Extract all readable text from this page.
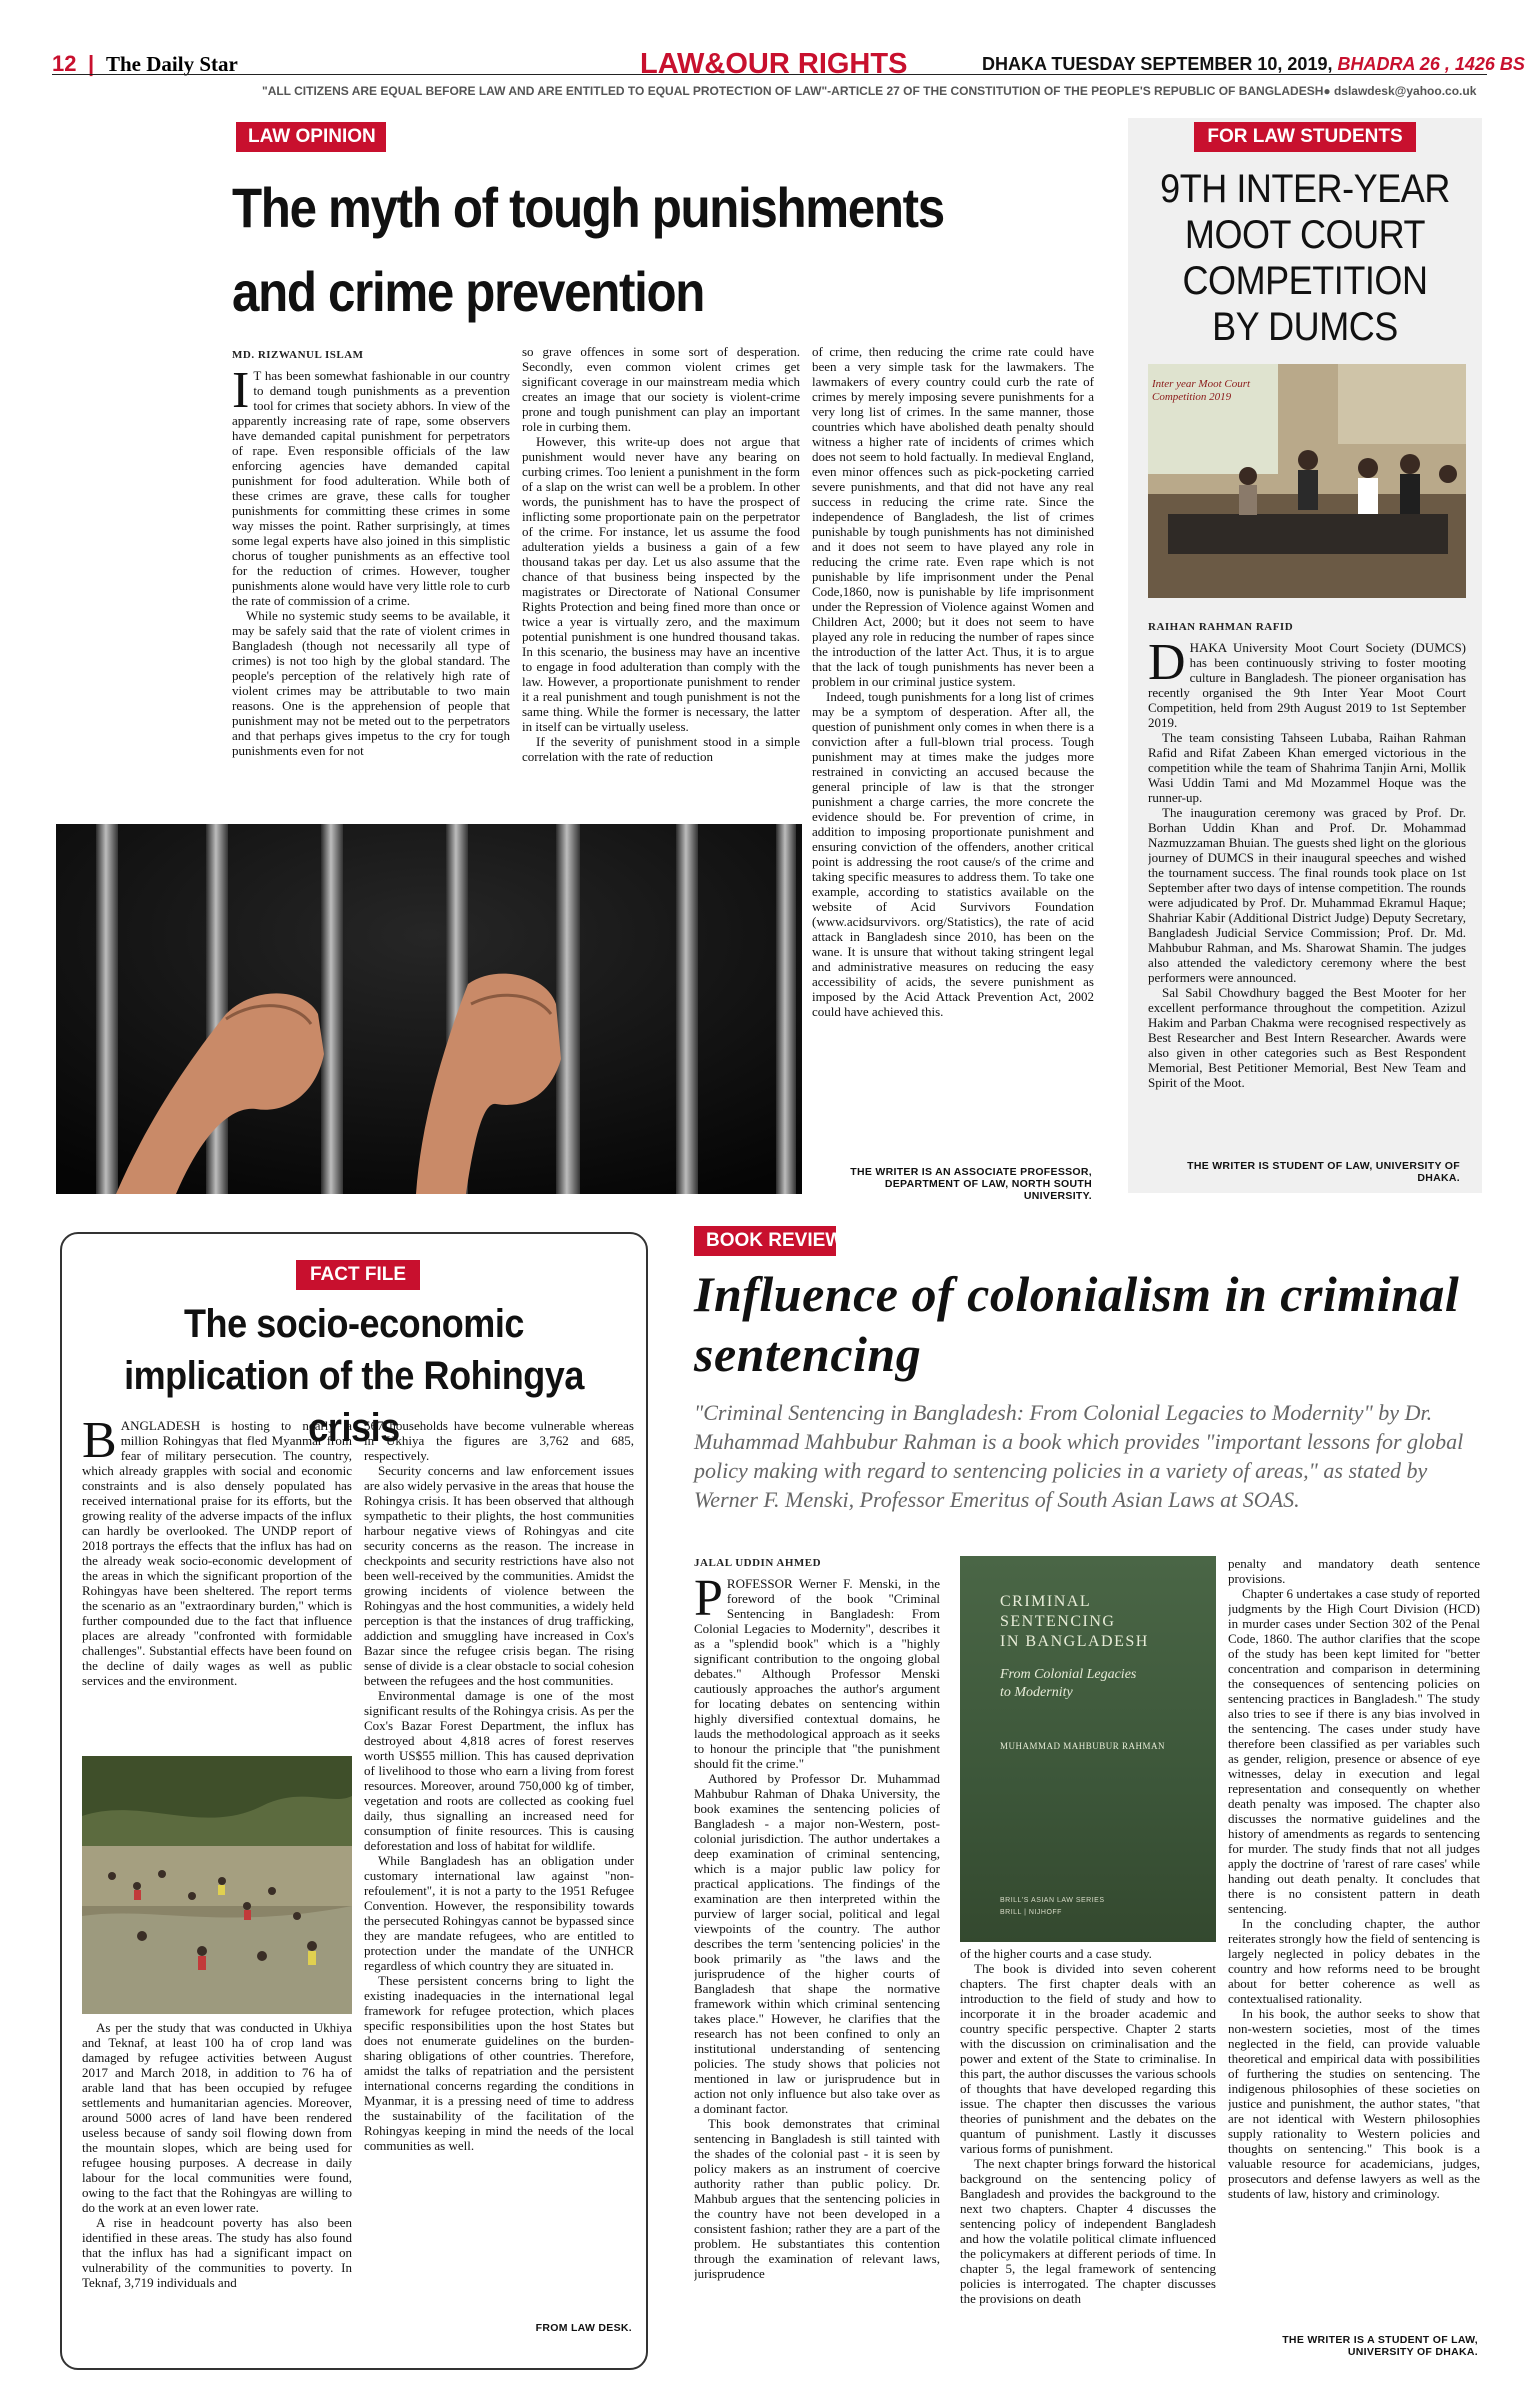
12 | The Daily Star	LAW&OUR RIGHTS	DHAKA TUESDAY SEPTEMBER 10, 2019, BHADRA 26 , 1426 BS
"ALL CITIZENS ARE EQUAL BEFORE LAW AND ARE ENTITLED TO EQUAL PROTECTION OF LAW"-ARTICLE 27 OF THE CONSTITUTION OF THE PEOPLE'S REPUBLIC OF BANGLADESH● dslawdesk@yahoo.co.uk
LAW OPINION
The myth of tough punishments and crime prevention
MD. RIZWANUL ISLAM

I T has been somewhat fashionable in our country to demand tough punishments as a prevention tool for crimes that society abhors. In view of the apparently increasing rate of rape, some observers have demanded capital punishment for perpetrators of rape. Even responsible officials of the law enforcing agencies have demanded capital punishment for food adulteration. While both of these crimes are grave, these calls for tougher punishments for committing these crimes in some way misses the point. Rather surprisingly, at times some legal experts have also joined in this simplistic chorus of tougher punishments as an effective tool for the reduction of crimes. However, tougher punishments alone would have very little role to curb the rate of commission of a crime.

While no systemic study seems to be available, it may be safely said that the rate of violent crimes in Bangladesh (though not necessarily all type of crimes) is not too high by the global standard. The people's perception of the relatively high rate of violent crimes may be attributable to two main reasons. One is the apprehension of people that punishment may not be meted out to the perpetrators and that perhaps gives impetus to the cry for tough punishments even for not

so grave offences in some sort of desperation. Secondly, even common violent crimes get significant coverage in our mainstream media which creates an image that our society is violent-crime prone and tough punishment can play an important role in curbing them.

However, this write-up does not argue that punishment would never have any bearing on curbing crimes. Too lenient a punishment in the form of a slap on the wrist can well be a problem. In other words, the punishment has to have the prospect of inflicting some proportionate pain on the perpetrator of the crime. For instance, let us assume the food adulteration yields a business a gain of a few thousand takas per day. Let us also assume that the chance of that business being inspected by the magistrates or Directorate of National Consumer Rights Protection and being fined more than once or twice a year is virtually zero, and the maximum potential punishment is one hundred thousand takas. In this scenario, the business may have an incentive to engage in food adulteration than comply with the law. However, a proportionate punishment to render it a real punishment and tough punishment is not the same thing. While the former is necessary, the latter in itself can be virtually useless.

If the severity of punishment stood in a simple correlation with the rate of reduction

of crime, then reducing the crime rate could have been a very simple task for the lawmakers. The lawmakers of every country could curb the rate of crimes by merely imposing severe punishments for a very long list of crimes. In the same manner, those countries which have abolished death penalty should witness a higher rate of incidents of crimes which does not seem to hold factually. In medieval England, even minor offences such as pick-pocketing carried severe punishments, and that did not have any real success in reducing the crime rate. Since the independence of Bangladesh, the list of crimes punishable by tough punishments has not diminished and it does not seem to have played any role in reducing the crime rate. Even rape which is not punishable by life imprisonment under the Penal Code,1860, now is punishable by life imprisonment under the Repression of Violence against Women and Children Act, 2000; but it does not seem to have played any role in reducing the number of rapes since the introduction of the latter Act. Thus, it is to argue that the lack of tough punishments has never been a problem in our criminal justice system.

Indeed, tough punishments for a long list of crimes may be a symptom of desperation. After all, the question of punishment only comes in when there is a conviction after a full-blown trial process. Tough punishment may at times make the judges more restrained in convicting an accused because the general principle of law is that the stronger punishment a charge carries, the more concrete the evidence should be. For prevention of crime, in addition to imposing proportionate punishment and ensuring conviction of the offenders, another critical point is addressing the root cause/s of the crime and taking specific measures to address them. To take one example, according to statistics available on the website of Acid Survivors Foundation (www.acidsurvivors. org/Statistics), the rate of acid attack in Bangladesh since 2010, has been on the wane. It is unsure that without taking stringent legal and administrative measures on reducing the easy accessibility of acids, the severe punishment as imposed by the Acid Attack Prevention Act, 2002 could have achieved this.

THE WRITER IS AN ASSOCIATE PROFESSOR, DEPARTMENT OF LAW, NORTH SOUTH UNIVERSITY.
FOR LAW STUDENTS
9TH INTER-YEAR MOOT COURT COMPETITION BY DUMCS
Inter year Moot Court Competition 2019
RAIHAN RAHMAN RAFID

DHAKA University Moot Court Society (DUMCS) has been continuously striving to foster mooting culture in Bangladesh. The pioneer organisation has recently organised the 9th Inter Year Moot Court Competition, held from 29th August 2019 to 1st September 2019.

The team consisting Tahseen Lubaba, Raihan Rahman Rafid and Rifat Zabeen Khan emerged victorious in the competition while the team of Shahrima Tanjin Arni, Mollik Wasi Uddin Tami and Md Mozammel Hoque was the runner-up.

The inauguration ceremony was graced by Prof. Dr. Borhan Uddin Khan and Prof. Dr. Mohammad Nazmuzzaman Bhuian. The guests shed light on the glorious journey of DUMCS in their inaugural speeches and wished the tournament success. The final rounds took place on 1st September after two days of intense competition. The rounds were adjudicated by Prof. Dr. Muhammad Ekramul Haque; Shahriar Kabir (Additional District Judge) Deputy Secretary, Bangladesh Judicial Service Commission; Prof. Dr. Md. Mahbubur Rahman, and Ms. Sharowat Shamin. The judges also attended the valedictory ceremony where the best performers were announced.

Sal Sabil Chowdhury bagged the Best Mooter for her excellent performance throughout the competition. Azizul Hakim and Parban Chakma were recognised respectively as Best Researcher and Best Intern Researcher. Awards were also given in other categories such as Best Respondent Memorial, Best Petitioner Memorial, Best New Team and Spirit of the Moot.

THE WRITER IS STUDENT OF LAW, UNIVERSITY OF DHAKA.
FACT FILE
The socio-economic implication of the Rohingya crisis

BANGLADESH is hosting to nearly a million Rohingyas that fled Myanmar from fear of military persecution. The country, which already grapples with social and economic constraints and is also densely populated has received international praise for its efforts, but the growing reality of the adverse impacts of the influx can hardly be overlooked. The UNDP report of 2018 portrays the effects that the influx has had on the already weak socio-economic development of the areas in which the significant proportion of the Rohingyas have been sheltered. The report terms the scenario as an "extraordinary burden," which is further compounded due to the fact that influence places are already "confronted with formidable challenges". Substantial effects have been found on the decline of daily wages as well as public services and the environment.

As per the study that was conducted in Ukhiya and Teknaf, at least 100 ha of crop land was damaged by refugee activities between August 2017 and March 2018, in addition to 76 ha of arable land that has been occupied by refugee settlements and humanitarian agencies. Moreover, around 5000 acres of land have been rendered useless because of sandy soil flowing down from the mountain slopes, which are being used for refugee housing purposes. A decrease in daily labour for the local communities were found, owing to the fact that the Rohingyas are willing to do the work at an even lower rate.

A rise in headcount poverty has also been identified in these areas. The study has also found that the influx has had a significant impact on vulnerability of the communities to poverty. In Teknaf, 3,719 individuals and

567 households have become vulnerable whereas in Ukhiya the figures are 3,762 and 685, respectively.

Security concerns and law enforcement issues are also widely pervasive in the areas that house the Rohingya crisis. It has been observed that although sympathetic to their plights, the host communities harbour negative views of Rohingyas and cite security concerns as the reason. The increase in checkpoints and security restrictions have also not been well-received by the communities. Amidst the growing incidents of violence between the Rohingyas and the host communities, a widely held perception is that the instances of drug trafficking, addiction and smuggling have increased in Cox's Bazar since the refugee crisis began. The rising sense of divide is a clear obstacle to social cohesion between the refugees and the host communities.

Environmental damage is one of the most significant results of the Rohingya crisis. As per the Cox's Bazar Forest Department, the influx has destroyed about 4,818 acres of forest reserves worth US$55 million. This has caused deprivation of livelihood to those who earn a living from forest resources. Moreover, around 750,000 kg of timber, vegetation and roots are collected as cooking fuel daily, thus signalling an increased need for consumption of finite resources. This is causing deforestation and loss of habitat for wildlife.

While Bangladesh has an obligation under customary international law against "non-refoulement", it is not a party to the 1951 Refugee Convention. However, the responsibility towards the persecuted Rohingyas cannot be bypassed since they are mandate refugees, who are entitled to protection under the mandate of the UNHCR regardless of which country they are situated in.

These persistent concerns bring to light the existing inadequacies in the international legal framework for refugee protection, which places specific responsibilities upon the host States but does not enumerate guidelines on the burden-sharing obligations of other countries. Therefore, amidst the talks of repatriation and the persistent international concerns regarding the conditions in Myanmar, it is a pressing need of time to address the sustainability of the facilitation of the Rohingyas keeping in mind the needs of the local communities as well.

FROM LAW DESK.
BOOK REVIEW
Influence of colonialism in criminal sentencing
"Criminal Sentencing in Bangladesh: From Colonial Legacies to Modernity" by Dr. Muhammad Mahbubur Rahman is a book which provides "important lessons for global policy making with regard to sentencing policies in a variety of areas," as stated by Werner F. Menski, Professor Emeritus of South Asian Laws at SOAS.
JALAL UDDIN AHMED

PROFESSOR Werner F. Menski, in the foreword of the book "Criminal Sentencing in Bangladesh: From Colonial Legacies to Modernity", describes it as a "splendid book" which is a "highly significant contribution to the ongoing global debates." Although Professor Menski cautiously approaches the author's argument for locating debates on sentencing within highly diversified contextual domains, he lauds the methodological approach as it seeks to honour the principle that "the punishment should fit the crime."

Authored by Professor Dr. Muhammad Mahbubur Rahman of Dhaka University, the book examines the sentencing policies of Bangladesh - a major non-Western, post-colonial jurisdiction. The author undertakes a deep examination of criminal sentencing, which is a major public law policy for practical applications. The findings of the examination are then interpreted within the purview of larger social, political and legal viewpoints of the country. The author describes the term 'sentencing policies' in the book primarily as "the laws and the jurisprudence of the higher courts of Bangladesh that shape the normative framework within which criminal sentencing takes place." However, he clarifies that the research has not been confined to only an institutional understanding of sentencing policies. The study shows that policies not mentioned in law or jurisprudence but in action not only influence but also take over as a dominant factor.

This book demonstrates that criminal sentencing in Bangladesh is still tainted with the shades of the colonial past - it is seen by policy makers as an instrument of coercive authority rather than public policy. Dr. Mahbub argues that the sentencing policies in the country have not been developed in a consistent fashion; rather they are a part of the problem. He substantiates this contention through the examination of relevant laws, jurisprudence

CRIMINAL
SENTENCING
IN BANGLADESH
From Colonial Legacies
to Modernity
MUHAMMAD MAHBUBUR RAHMAN
BRILL'S ASIAN LAW SERIES
BRILL | NIJHOFF

of the higher courts and a case study.

The book is divided into seven coherent chapters. The first chapter deals with an introduction to the field of study and how to incorporate it in the broader academic and country specific perspective. Chapter 2 starts with the discussion on criminalisation and the power and extent of the State to criminalise. In this part, the author discusses the various schools of thoughts that have developed regarding this issue. The chapter then discusses the various theories of punishment and the debates on the quantum of punishment. Lastly it discusses various forms of punishment.

The next chapter brings forward the historical background on the sentencing policy of Bangladesh and provides the background to the next two chapters. Chapter 4 discusses the sentencing policy of independent Bangladesh and how the volatile political climate influenced the policymakers at different periods of time. In chapter 5, the legal framework of sentencing policies is interrogated. The chapter discusses the provisions on death

penalty and mandatory death sentence provisions.

Chapter 6 undertakes a case study of reported judgments by the High Court Division (HCD) in murder cases under Section 302 of the Penal Code, 1860. The author clarifies that the scope of the study has been kept limited for "better concentration and comparison in determining the consequences of sentencing policies on sentencing practices in Bangladesh." The study also tries to see if there is any bias involved in the sentencing. The cases under study have therefore been classified as per variables such as gender, religion, presence or absence of eye witnesses, delay in execution and legal representation and consequently on whether death penalty was imposed. The chapter also discusses the normative guidelines and the history of amendments as regards to sentencing for murder. The study finds that not all judges apply the doctrine of 'rarest of rare cases' while handing out death penalty. It concludes that there is no consistent pattern in death sentencing.

In the concluding chapter, the author reiterates strongly how the field of sentencing is largely neglected in policy debates in the country and how reforms need to be brought about for better coherence as well as contextualised rationality.

In his book, the author seeks to show that non-western societies, most of the times neglected in the field, can provide valuable theoretical and empirical data with possibilities of furthering the studies on sentencing. The indigenous philosophies of these societies on justice and punishment, the author states, "that are not identical with Western philosophies supply rationality to Western policies and thoughts on sentencing." This book is a valuable resource for academicians, judges, prosecutors and defense lawyers as well as the students of law, history and criminology.

THE WRITER IS A STUDENT OF LAW, UNIVERSITY OF DHAKA.
